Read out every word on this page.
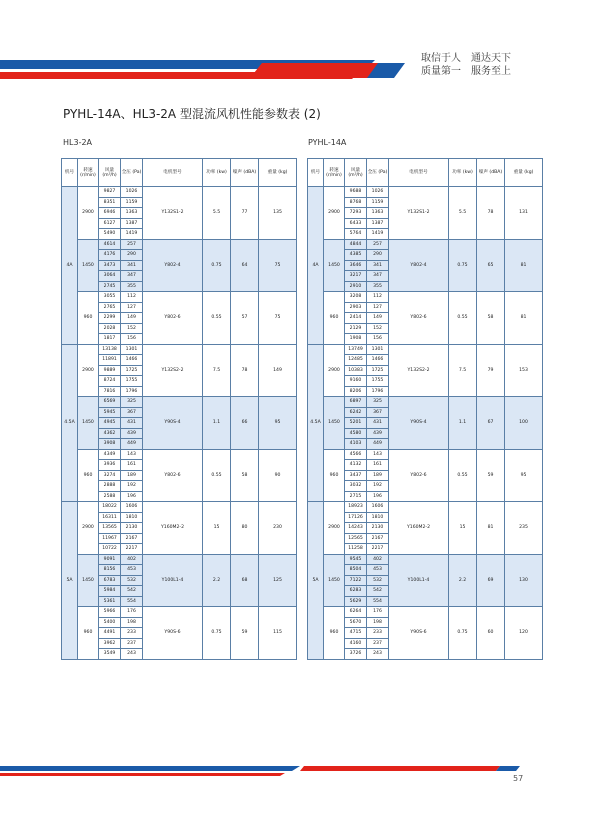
取信于人 通达天下
质量第一 服务至上
PYHL-14A、HL3-2A 型混流风机性能参数表 (2)
HL3-2A	PYHL-14A
机号	转速 (r/min)	风量 (m³/h)	全压 (Pa)	电机型号	功率 (kw)	噪声 (dBA)	重量 (kg)
4A	2900	9827	1026	Y132S1-2	5.5	77	135
		8351	1159				
		6946	1363				
		6127	1387				
		5490	1419				
	1450	4614	257	Y802-4	0.75	64	75
		4176	290				
		3473	341				
		3064	347				
		2745	355				
	960	3055	112	Y802-6	0.55	57	75
		2765	127				
		2299	149				
		2028	152				
		1817	156				
4.5A	2900	13138	1301	Y132S2-2	7.5	78	149
		11891	1466				
		9889	1725				
		8724	1755				
		7816	1796				
	1450	6569	325	Y90S-4	1.1	66	95
		5945	367				
		4945	431				
		4362	439				
		3908	449				
	960	4349	143	Y802-6	0.55	58	90
		3936	161				
		3274	189				
		2888	192				
		2588	196				
5A	2900	18022	1606	Y160M2-2	15	80	230
		16311	1810				
		13565	2130				
		11967	2167				
		10722	2217				
	1450	9091	402	Y100L1-4	2.2	68	125
		8156	453				
		6783	532				
		5984	542				
		5361	554				
	960	5966	176	Y90S-6	0.75	59	115
		5400	198				
		4491	233				
		3962	237				
		3549	243				
机号	转速 (r/min)	风量 (m³/h)	全压 (Pa)	电机型号	功率 (kw)	噪声 (dBA)	重量 (kg)
4A	2900	9688	1026	Y132S1-2	5.5	78	131
		8768	1159				
		7293	1363				
		6433	1387				
		5764	1419				
	1450	4844	257	Y802-4	0.75	65	81
		4385	290				
		3646	341				
		3217	347				
		2910	355				
	960	3208	112	Y802-6	0.55	58	81
		2903	127				
		2414	149				
		2129	152				
		1908	156				
4.5A	2900	13749	1301	Y132S2-2	7.5	79	153
		12485	1466				
		10383	1725				
		9160	1755				
		8206	1796				
	1450	6897	325	Y90S-4	1.1	67	100
		6242	367				
		5201	431				
		4580	439				
		4103	449				
	960	4566	143	Y802-6	0.55	59	95
		4132	161				
		3437	189				
		3032	192				
		2715	196				
5A	2900	18923	1606	Y160M2-2	15	81	235
		17126	1810				
		14243	2130				
		12565	2167				
		11258	2217				
	1450	9545	402	Y100L1-4	2.2	69	130
		8504	453				
		7122	532				
		6283	542				
		5629	554				
	960	6264	176	Y90S-6	0.75	60	120
		5670	198				
		4715	233				
		4160	237				
		3726	243				
57
